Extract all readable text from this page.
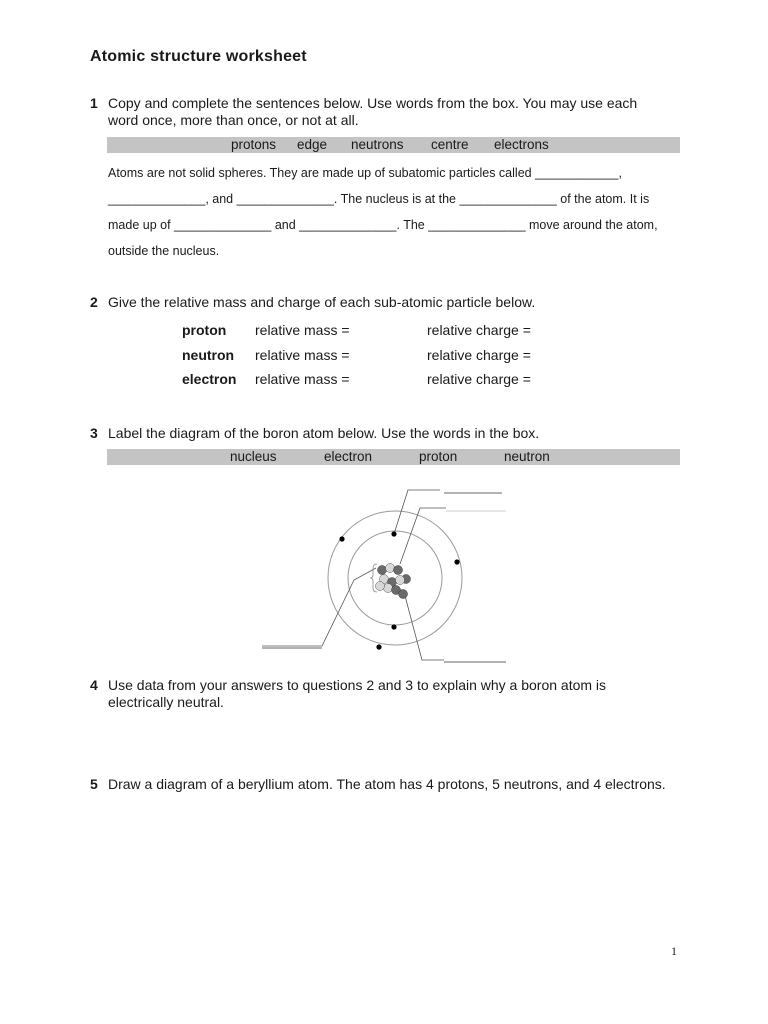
Atomic structure worksheet
1 Copy and complete the sentences below. Use words from the box. You may use each word once, more than once, or not at all.
protons edge neutrons centre electrons
Atoms are not solid spheres. They are made up of subatomic particles called ____________, ______________, and ______________. The nucleus is at the ______________ of the atom. It is made up of ______________ and ______________. The ______________ move around the atom, outside the nucleus.
2 Give the relative mass and charge of each sub-atomic particle below.
proton relative mass =	relative charge =
neutron relative mass =	relative charge =
electron relative mass =	relative charge =
3 Label the diagram of the boron atom below. Use the words in the box.
nucleus	electron	proton	neutron
4 Use data from your answers to questions 2 and 3 to explain why a boron atom is electrically neutral.
5 Draw a diagram of a beryllium atom. The atom has 4 protons, 5 neutrons, and 4 electrons.
1
